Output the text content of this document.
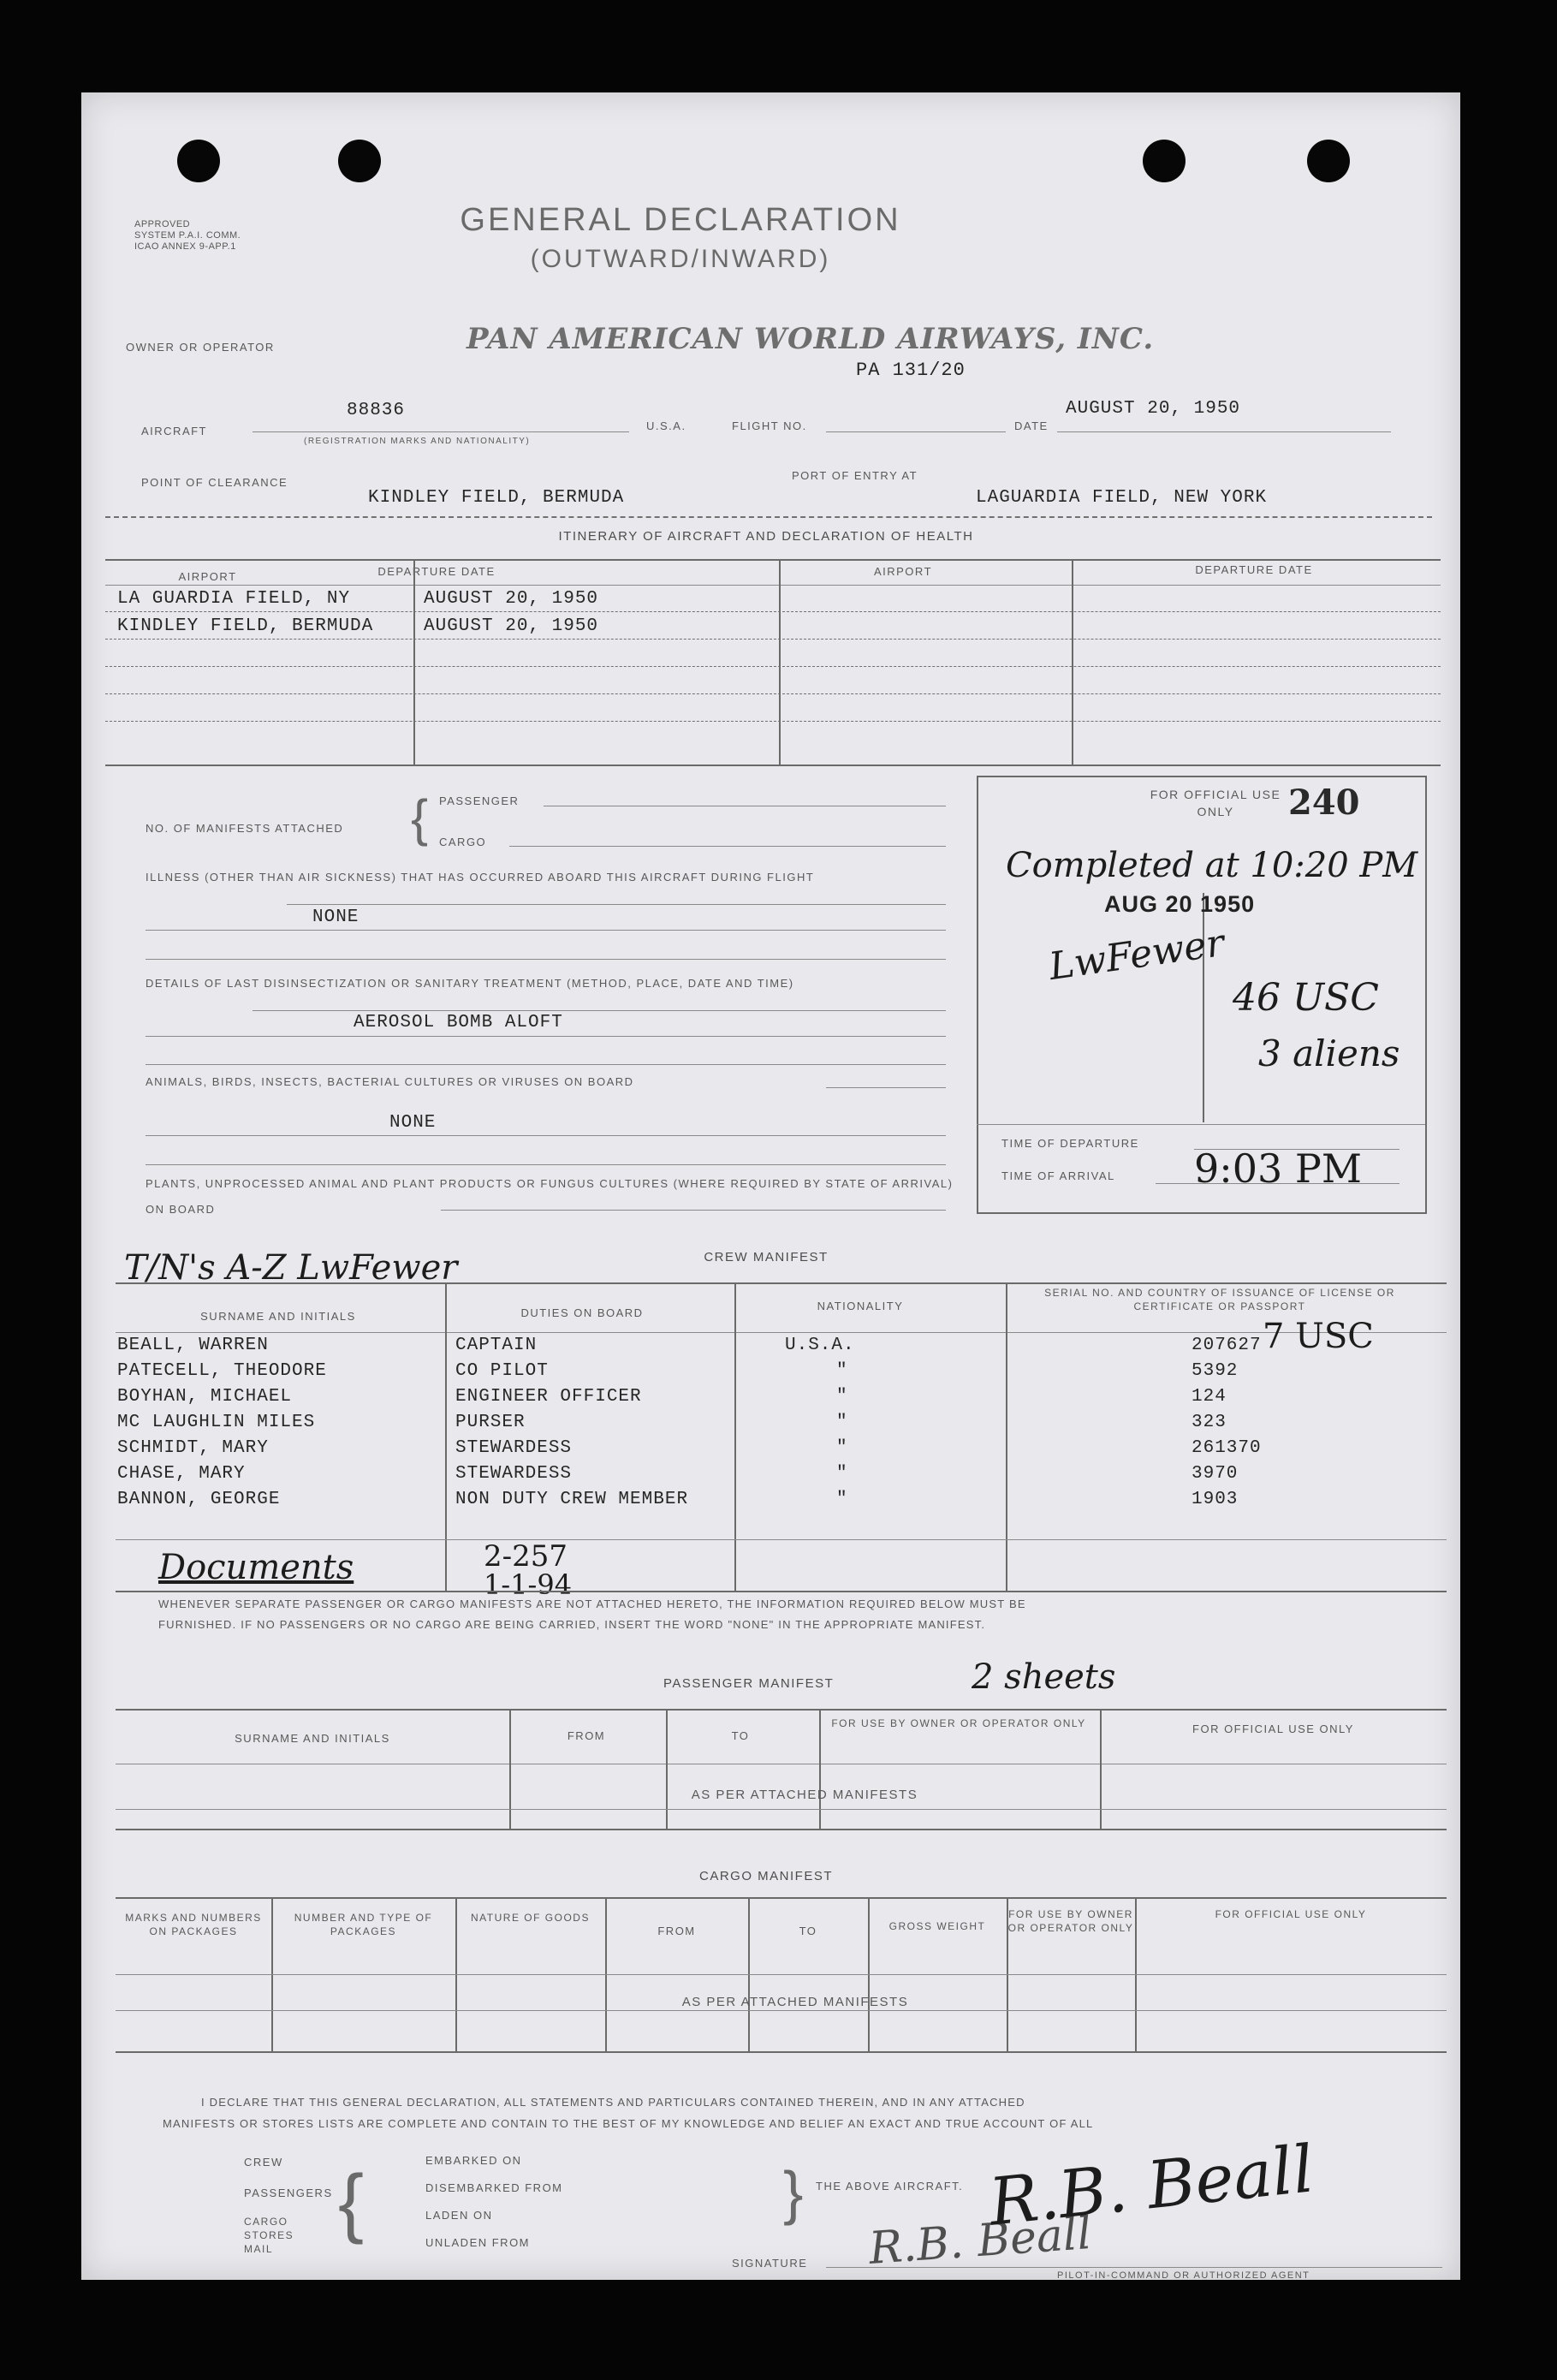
APPROVED
SYSTEM P.A.I. COMM.
ICAO ANNEX 9-APP.1
GENERAL DECLARATION
(OUTWARD/INWARD)
OWNER OR OPERATOR	PAN AMERICAN WORLD AIRWAYS, INC.
PA 131/20
AIRCRAFT
88836
(REGISTRATION MARKS AND NATIONALITY)
U.S.A.	FLIGHT NO.	DATE
AUGUST 20, 1950
POINT OF CLEARANCE
KINDLEY FIELD, BERMUDA
PORT OF ENTRY AT
LAGUARDIA FIELD, NEW YORK
ITINERARY OF AIRCRAFT AND DECLARATION OF HEALTH
AIRPORT	DEPARTURE DATE	AIRPORT	DEPARTURE DATE
LA GUARDIA FIELD, NY	AUGUST 20, 1950
KINDLEY FIELD, BERMUDA	AUGUST 20, 1950
NO. OF MANIFESTS ATTACHED { PASSENGER
CARGO
ILLNESS (OTHER THAN AIR SICKNESS) THAT HAS OCCURRED ABOARD THIS AIRCRAFT DURING FLIGHT
NONE
DETAILS OF LAST DISINSECTIZATION OR SANITARY TREATMENT (METHOD, PLACE, DATE AND TIME)
AEROSOL BOMB ALOFT
ANIMALS, BIRDS, INSECTS, BACTERIAL CULTURES OR VIRUSES ON BOARD
NONE
PLANTS, UNPROCESSED ANIMAL AND PLANT PRODUCTS OR FUNGUS CULTURES (WHERE REQUIRED BY STATE OF ARRIVAL) ON BOARD
FOR OFFICIAL USE ONLY	240
Completed at 10:20 PM
AUG 20 1950
LwFewer
46 USC
3 aliens
TIME OF DEPARTURE
TIME OF ARRIVAL 9:03 PM
T/N's A-Z LwFewer	CREW MANIFEST
SURNAME AND INITIALS	DUTIES ON BOARD
NATIONALITY
SERIAL NO. AND COUNTRY OF ISSUANCE OF LICENSE OR CERTIFICATE OR PASSPORT
BEALL, WARREN	CAPTAIN	U.S.A.	207627
PATECELL, THEODORE	CO PILOT	"	5392
BOYHAN, MICHAEL	ENGINEER OFFICER	"	124
MC LAUGHLIN MILES	PURSER	"	323
SCHMIDT, MARY	STEWARDESS	"	261370
CHASE, MARY	STEWARDESS	"	3970
BANNON, GEORGE	NON DUTY CREW MEMBER	"	1903
7 USC
Documents	2-257
1-1-94
WHENEVER SEPARATE PASSENGER OR CARGO MANIFESTS ARE NOT ATTACHED HERETO, THE INFORMATION REQUIRED BELOW MUST BE
FURNISHED. IF NO PASSENGERS OR NO CARGO ARE BEING CARRIED, INSERT THE WORD "NONE" IN THE APPROPRIATE MANIFEST.
PASSENGER MANIFEST	2 sheets
SURNAME AND INITIALS	FROM	TO
FOR USE BY OWNER OR OPERATOR ONLY	FOR OFFICIAL USE ONLY
AS PER ATTACHED MANIFESTS
CARGO MANIFEST
MARKS AND NUMBERS ON PACKAGES
NUMBER AND TYPE OF PACKAGES
NATURE OF GOODS
FROM	TO	GROSS WEIGHT
FOR USE BY OWNER OR OPERATOR ONLY
FOR OFFICIAL USE ONLY
AS PER ATTACHED MANIFESTS
I DECLARE THAT THIS GENERAL DECLARATION, ALL STATEMENTS AND PARTICULARS CONTAINED THEREIN, AND IN ANY ATTACHED
MANIFESTS OR STORES LISTS ARE COMPLETE AND CONTAIN TO THE BEST OF MY KNOWLEDGE AND BELIEF AN EXACT AND TRUE ACCOUNT OF ALL
CREW
PASSENGERS
CARGO
STORES
MAIL
{	EMBARKED ON
DISEMBARKED FROM
LADEN ON
UNLADEN FROM
} THE ABOVE AIRCRAFT. R.B. Beall
R.B. Beall
SIGNATURE
PILOT-IN-COMMAND OR AUTHORIZED AGENT
